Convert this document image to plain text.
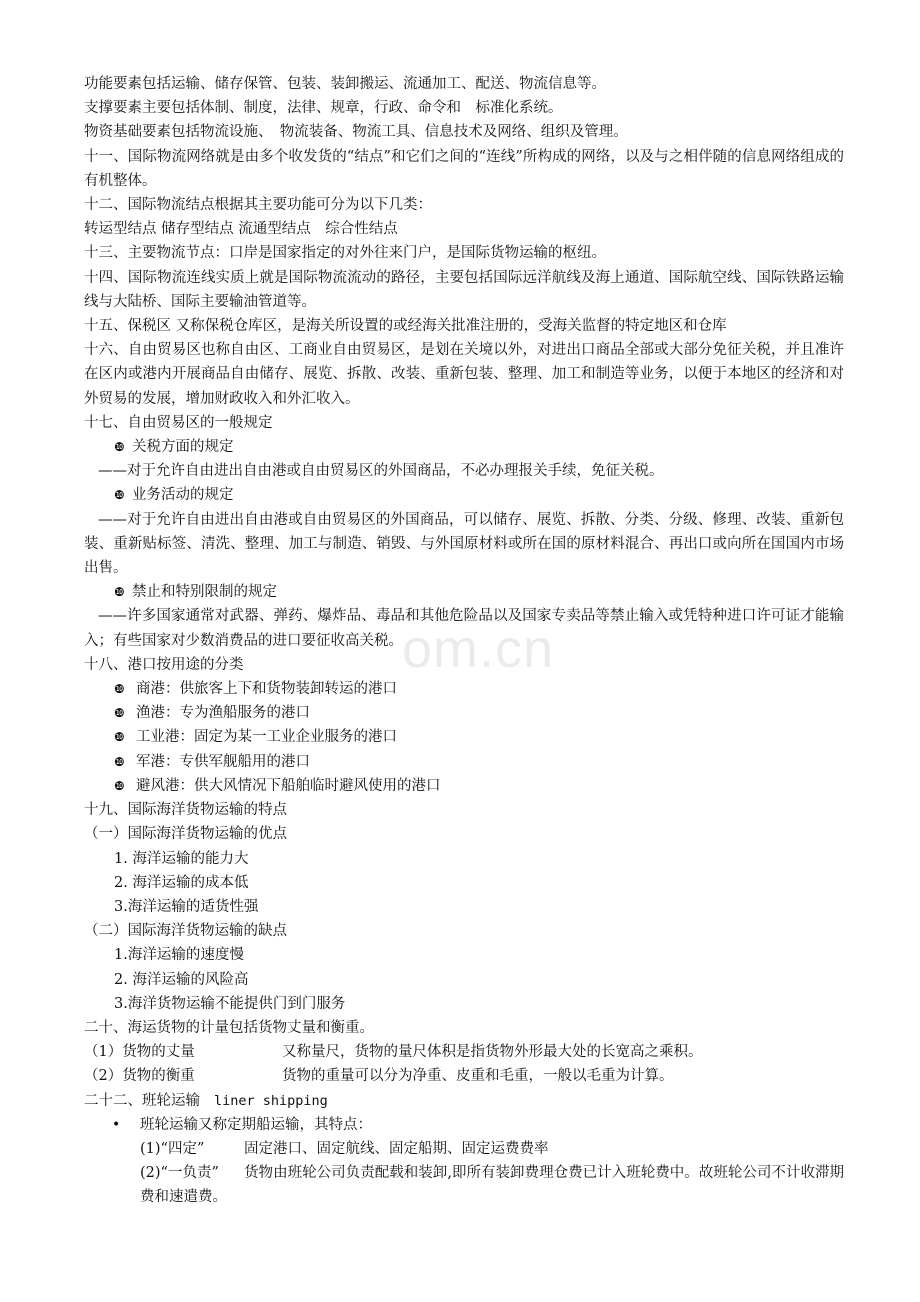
功能要素包括运输、储存保管、包装、装卸搬运、流通加工、配送、物流信息等。
支撑要素主要包括体制、制度，法律、规章，行政、命令和　标准化系统。
物资基础要素包括物流设施、　物流装备、物流工具、信息技术及网络、组织及管理。
十一、国际物流网络就是由多个收发货的“结点”和它们之间的“连线”所构成的网络，以及与之相伴随的信息网络组成的有机整体。
十二、国际物流结点根据其主要功能可分为以下几类：
转运型结点 储存型结点 流通型结点　综合性结点
十三、主要物流节点：口岸是国家指定的对外往来门户，是国际货物运输的枢纽。
十四、国际物流连线实质上就是国际物流流动的路径，主要包括国际远洋航线及海上通道、国际航空线、国际铁路运输线与大陆桥、国际主要输油管道等。
十五、保税区 又称保税仓库区，是海关所设置的或经海关批准注册的，受海关监督的特定地区和仓库
十六、自由贸易区也称自由区、工商业自由贸易区，是划在关境以外，对进出口商品全部或大部分免征关税，并且准许在区内或港内开展商品自由储存、展览、拆散、改装、重新包装、整理、加工和制造等业务，以便于本地区的经济和对外贸易的发展，增加财政收入和外汇收入。
十七、自由贸易区的一般规定
❿ 关税方面的规定
——对于允许自由进出自由港或自由贸易区的外国商品，不必办理报关手续，免征关税。
❿ 业务活动的规定
——对于允许自由进出自由港或自由贸易区的外国商品，可以储存、展览、拆散、分类、分级、修理、改装、重新包装、重新贴标签、清洗、整理、加工与制造、销毁、与外国原材料或所在国的原材料混合、再出口或向所在国国内市场出售。
❿ 禁止和特别限制的规定
——许多国家通常对武器、弹药、爆炸品、毒品和其他危险品以及国家专卖品等禁止输入或凭特种进口许可证才能输入；有些国家对少数消费品的进口要征收高关税。
十八、港口按用途的分类
❿ 商港：供旅客上下和货物装卸转运的港口
❿ 渔港：专为渔船服务的港口
❿ 工业港：固定为某一工业企业服务的港口
❿ 军港：专供军舰船用的港口
❿ 避风港：供大风情况下船舶临时避风使用的港口
十九、国际海洋货物运输的特点
（一）国际海洋货物运输的优点
1. 海洋运输的能力大
2. 海洋运输的成本低
3.海洋运输的适货性强
（二）国际海洋货物运输的缺点
1.海洋运输的速度慢
2. 海洋运输的风险高
3.海洋货物运输不能提供门到门服务
二十、海运货物的计量包括货物丈量和衡重。
（1）货物的丈量	又称量尺，货物的量尺体积是指货物外形最大处的长宽高之乘积。
（2）货物的衡重	货物的重量可以分为净重、皮重和毛重，一般以毛重为计算。
二十二、班轮运输 liner shipping
• 班轮运输又称定期船运输，其特点：
(1)“四定”	固定港口、固定航线、固定船期、固定运费费率
(2)“一负责” 货物由班轮公司负责配载和装卸,即所有装卸费理仓费已计入班轮费中。故班轮公司不计收滞期费和速遣费。
om.cn
